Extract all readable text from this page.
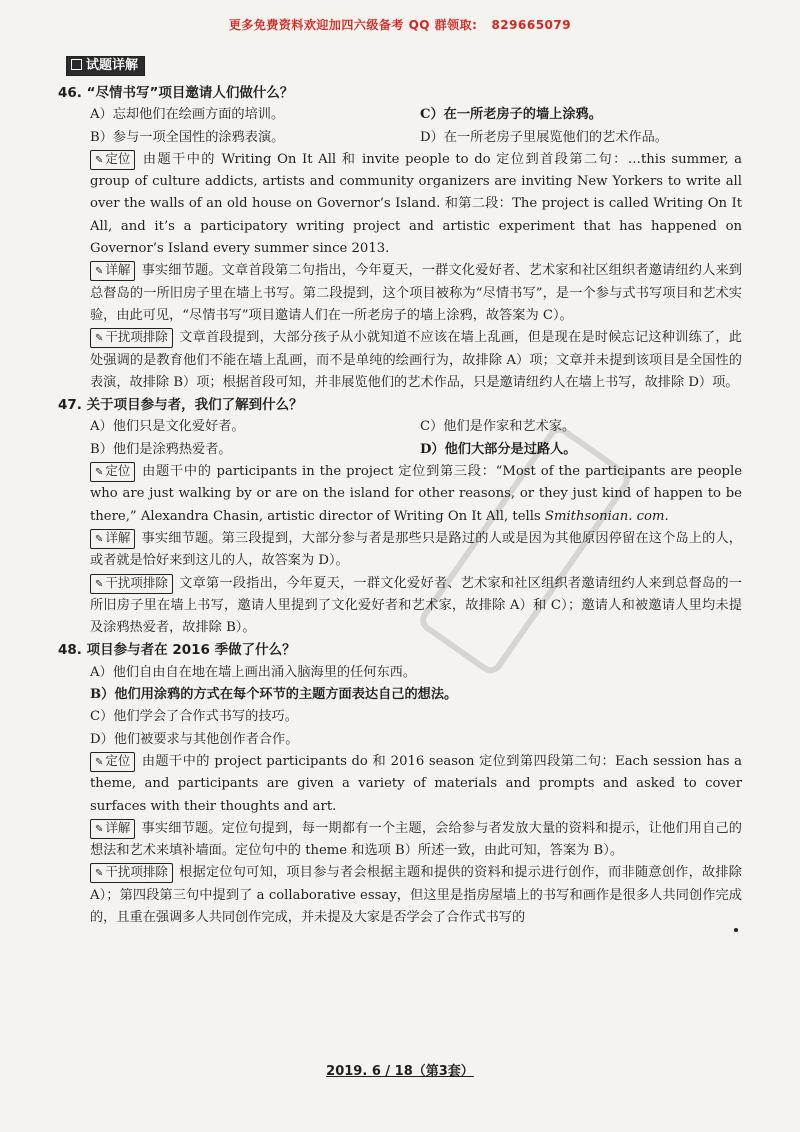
更多免费资料欢迎加四六级备考 QQ 群领取: 829665079
试题详解
46. “尽情书写”项目邀请人们做什么？
A）忘却他们在绘画方面的培训。	C）在一所老房子的墙上涂鸦。
B）参与一项全国性的涂鸦表演。	D）在一所老房子里展览他们的艺术作品。

✎ 定位 由题干中的 Writing On It All 和 invite people to do 定位到首段第二句：…this summer, a group of culture addicts, artists and community organizers are inviting New Yorkers to write all over the walls of an old house on Governor’s Island. 和第二段：The project is called Writing On It All, and it’s a participatory writing project and artistic experiment that has happened on Governor’s Island every summer since 2013.

✎ 详解 事实细节题。文章首段第二句指出，今年夏天，一群文化爱好者、艺术家和社区组织者邀请纽约人来到总督岛的一所旧房子里在墙上书写。第二段提到，这个项目被称为“尽情书写”，是一个参与式书写项目和艺术实验，由此可见，“尽情书写”项目邀请人们在一所老房子的墙上涂鸦，故答案为 C）。

✎ 干扰项排除 文章首段提到，大部分孩子从小就知道不应该在墙上乱画，但是现在是时候忘记这种训练了，此处强调的是教育他们不能在墙上乱画，而不是单纯的绘画行为，故排除 A）项；文章并未提到该项目是全国性的表演，故排除 B）项；根据首段可知，并非展览他们的艺术作品，只是邀请纽约人在墙上书写，故排除 D）项。

47. 关于项目参与者，我们了解到什么？
A）他们只是文化爱好者。	C）他们是作家和艺术家。
B）他们是涂鸦热爱者。	D）他们大部分是过路人。

✎ 定位 由题干中的 participants in the project 定位到第三段：“Most of the participants are people who are just walking by or are on the island for other reasons, or they just kind of happen to be there,” Alexandra Chasin, artistic director of Writing On It All, tells Smithsonian. com.

✎ 详解 事实细节题。第三段提到，大部分参与者是那些只是路过的人或是因为其他原因停留在这个岛上的人，或者就是恰好来到这儿的人，故答案为 D）。

✎ 干扰项排除 文章第一段指出，今年夏天，一群文化爱好者、艺术家和社区组织者邀请纽约人来到总督岛的一所旧房子里在墙上书写，邀请人里提到了文化爱好者和艺术家，故排除 A）和 C）；邀请人和被邀请人里均未提及涂鸦热爱者，故排除 B）。

48. 项目参与者在 2016 季做了什么？
A）他们自由自在地在墙上画出涌入脑海里的任何东西。
B）他们用涂鸦的方式在每个环节的主题方面表达自己的想法。
C）他们学会了合作式书写的技巧。
D）他们被要求与其他创作者合作。

✎ 定位 由题干中的 project participants do 和 2016 season 定位到第四段第二句：Each session has a theme, and participants are given a variety of materials and prompts and asked to cover surfaces with their thoughts and art.

✎ 详解 事实细节题。定位句提到，每一期都有一个主题，会给参与者发放大量的资料和提示，让他们用自己的想法和艺术来填补墙面。定位句中的 theme 和选项 B）所述一致，由此可知，答案为 B）。

✎ 干扰项排除 根据定位句可知，项目参与者会根据主题和提供的资料和提示进行创作，而非随意创作，故排除 A）；第四段第三句中提到了 a collaborative essay，但这里是指房屋墙上的书写和画作是很多人共同创作完成的，且重在强调多人共同创作完成，并未提及大家是否学会了合作式书写的

2019. 6 / 18（第3套）
